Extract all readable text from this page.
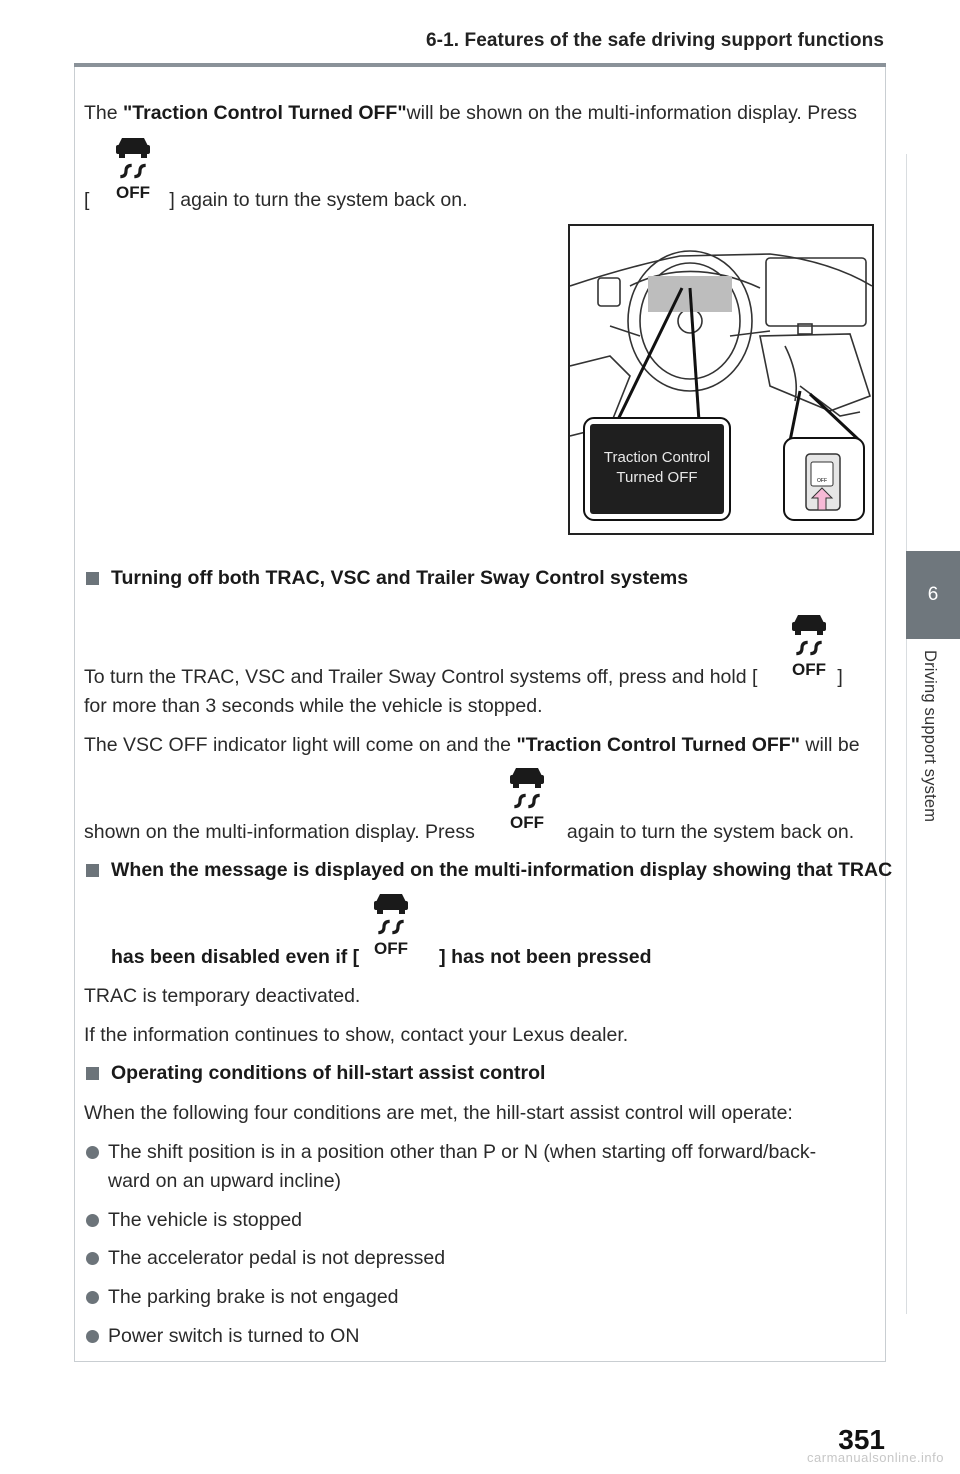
6-1. Features of the safe driving support functions
6
Driving support system
The "Traction Control Turned OFF"will be shown on the multi-information display. Press
[	] again to turn the system back on.
OFF
Traction Control
Turned OFF
Turning off both TRAC, VSC and Trailer Sway Control systems
To turn the TRAC, VSC and Trailer Sway Control systems off, press and hold [	]
for more than 3 seconds while the vehicle is stopped.
The VSC OFF indicator light will come on and the "Traction Control Turned OFF" will be
shown on the multi-information display. Press	again to turn the system back on.
When the message is displayed on the multi-information display showing that TRAC
has been disabled even if [	] has not been pressed
TRAC is temporary deactivated.
If the information continues to show, contact your Lexus dealer.
Operating conditions of hill-start assist control
When the following four conditions are met, the hill-start assist control will operate:
The shift position is in a position other than P or N (when starting off forward/back-
ward on an upward incline)
The vehicle is stopped
The accelerator pedal is not depressed
The parking brake is not engaged
Power switch is turned to ON
OFF
OFF
OFF
OFF
351
carmanualsonline.info
